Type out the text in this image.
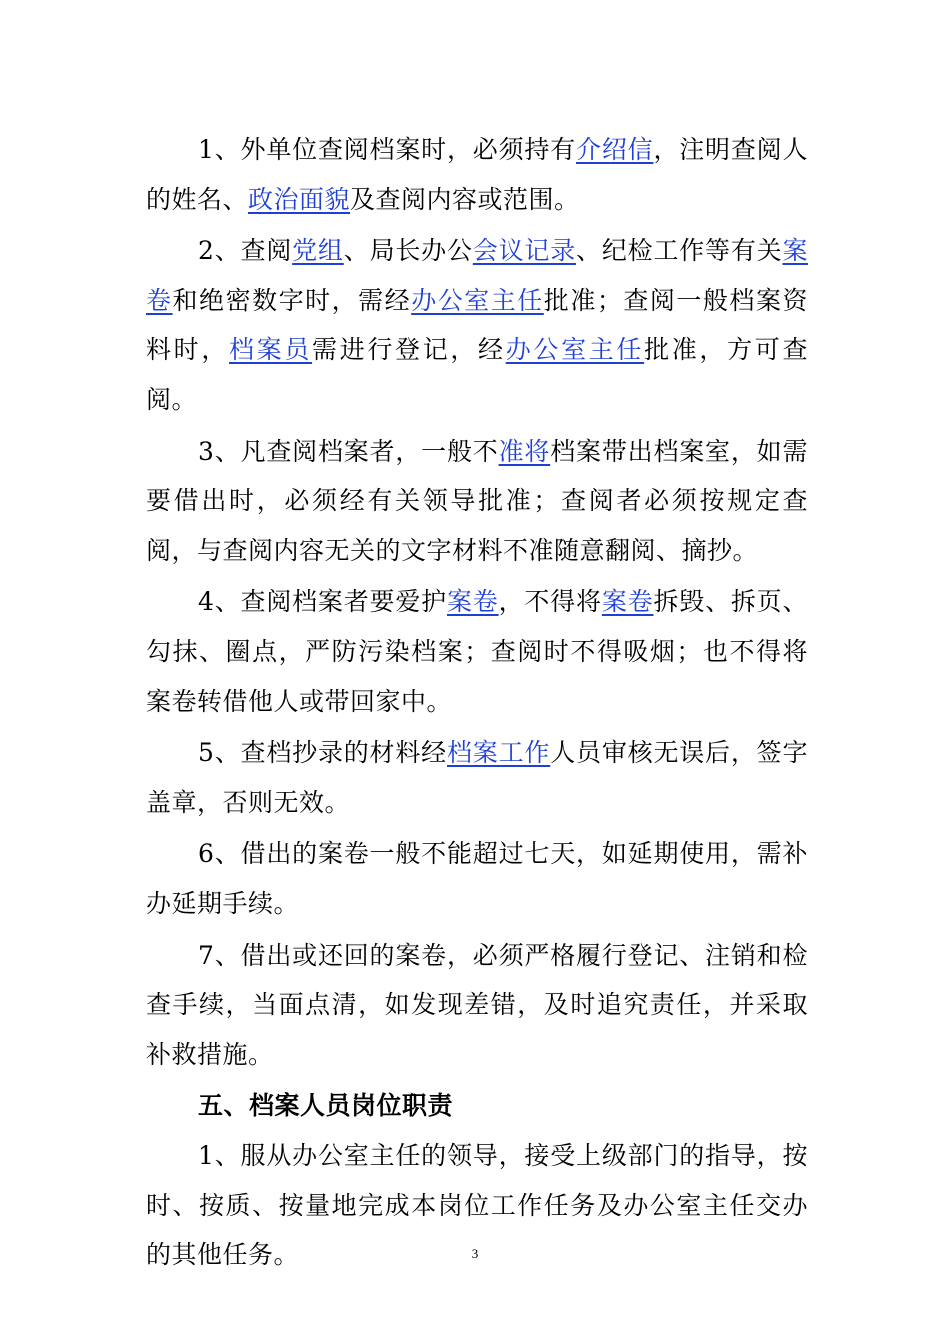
1、外单位查阅档案时，必须持有介绍信，注明查阅人的姓名、政治面貌及查阅内容或范围。

2、查阅党组、局长办公会议记录、纪检工作等有关案卷和绝密数字时，需经办公室主任批准；查阅一般档案资料时，档案员需进行登记，经办公室主任批准，方可查阅。

3、凡查阅档案者，一般不准将档案带出档案室，如需要借出时，必须经有关领导批准；查阅者必须按规定查阅，与查阅内容无关的文字材料不准随意翻阅、摘抄。

4、查阅档案者要爱护案卷，不得将案卷拆毁、拆页、勾抹、圈点，严防污染档案；查阅时不得吸烟；也不得将案卷转借他人或带回家中。

5、查档抄录的材料经档案工作人员审核无误后，签字盖章，否则无效。

6、借出的案卷一般不能超过七天，如延期使用，需补办延期手续。

7、借出或还回的案卷，必须严格履行登记、注销和检查手续，当面点清，如发现差错，及时追究责任，并采取补救措施。

五、档案人员岗位职责

1、服从办公室主任的领导，接受上级部门的指导，按时、按质、按量地完成本岗位工作任务及办公室主任交办的其他任务。	3
